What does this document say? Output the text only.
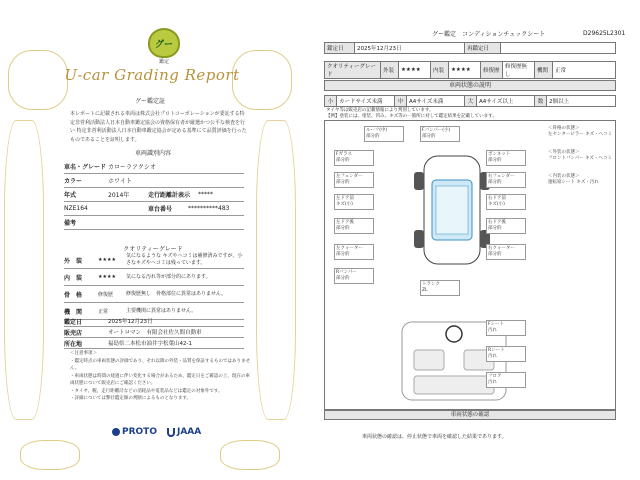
グー
鑑定
U-car Grading Report
グー鑑定証
本レポートに記載される車両は株式会社プロトコーポレーションが委託する特定非営利活動法人日本自動車鑑定協会の資格保有者が厳選かつ公平な検査を行い 特定非営利活動法人日本自動車鑑定協会が定める基準にて品質評価を行ったものであることを証明します。
車両識別内容
車名・グレード カローラアクシオ
カラー	ホワイト
年式	2014年	走行距離計表示	*****
NZE164	車台番号	**********483
備考
クオリティーグレード
外　装	★★★★
気になるような キズやヘコミは補修済みですが、小さなキズやヘコミは残っています。
内　装	★★★★	気になる汚れ等が部分的にあります。
骨　格	修復歴	修復歴無し　骨格部位に異常はありません。
機　関	正常	主要機関に異常はありません。
鑑定日	2025年12月23日
販売店	オートロマン　有限会社佐久間自動車
所在地	福島県二本松市油井字松葉山42-1
＜注意事項＞
・鑑定時点の車両状態の評価であり、それ以降の外装・品質を保証するものではありません。
・車両状態は時間の経過に伴い変化する場合があるため、鑑定日をご確認の上、現在の車両状態について販売店にご確認ください。
・タイヤ、幌、走行距離計などの消耗品や電装品などは鑑定の対象外です。
・詳細については弊社鑑定師の判断によるものとなります。
PROTO JAAA
グー鑑定　コンディションチェックシート	D29625L2301
鑑定日	2025年12月23日	再鑑定日	
クオリティーグレード	外装	★★★★	内装	★★★★	修復歴	修復歴無し	機関	正常
車両状態の説明
小	カードサイズ未満	中	A4サイズ未満	大	A4サイズ以上	数	2個以上
タイヤ等は販売店の記載情報により判別しています。
【例】塗装には、塗装、凹み、キズ等の一箇所に対して鑑定結果を記載しています。
ルーフ(中)
部分的
Fバンパー(小)
部分的
Fガラス
部分的
ボンネット
部分的
左フェンダー
部分的
右フェンダー
部分的
左ドア前
キズ(小)
右ドア前
キズ(小)
左ドア後
部分的
右ドア後
部分的
左クォーター
部分的
右クォーター
部分的
Rバンパー
部分的
トランク
ZL
＜骨格の状態＞
左センターピラー キズ・ヘコミ
＜外装の状態＞
フロントバンパー キズ・ヘコミ
＜内装の状態＞
運転席シート キズ・汚れ
Fシート
汚れ
Rシート
汚れ
フロア
汚れ
車両状態の確認
車両状態の確認は、停止状態で車両を確認した結果であります。
